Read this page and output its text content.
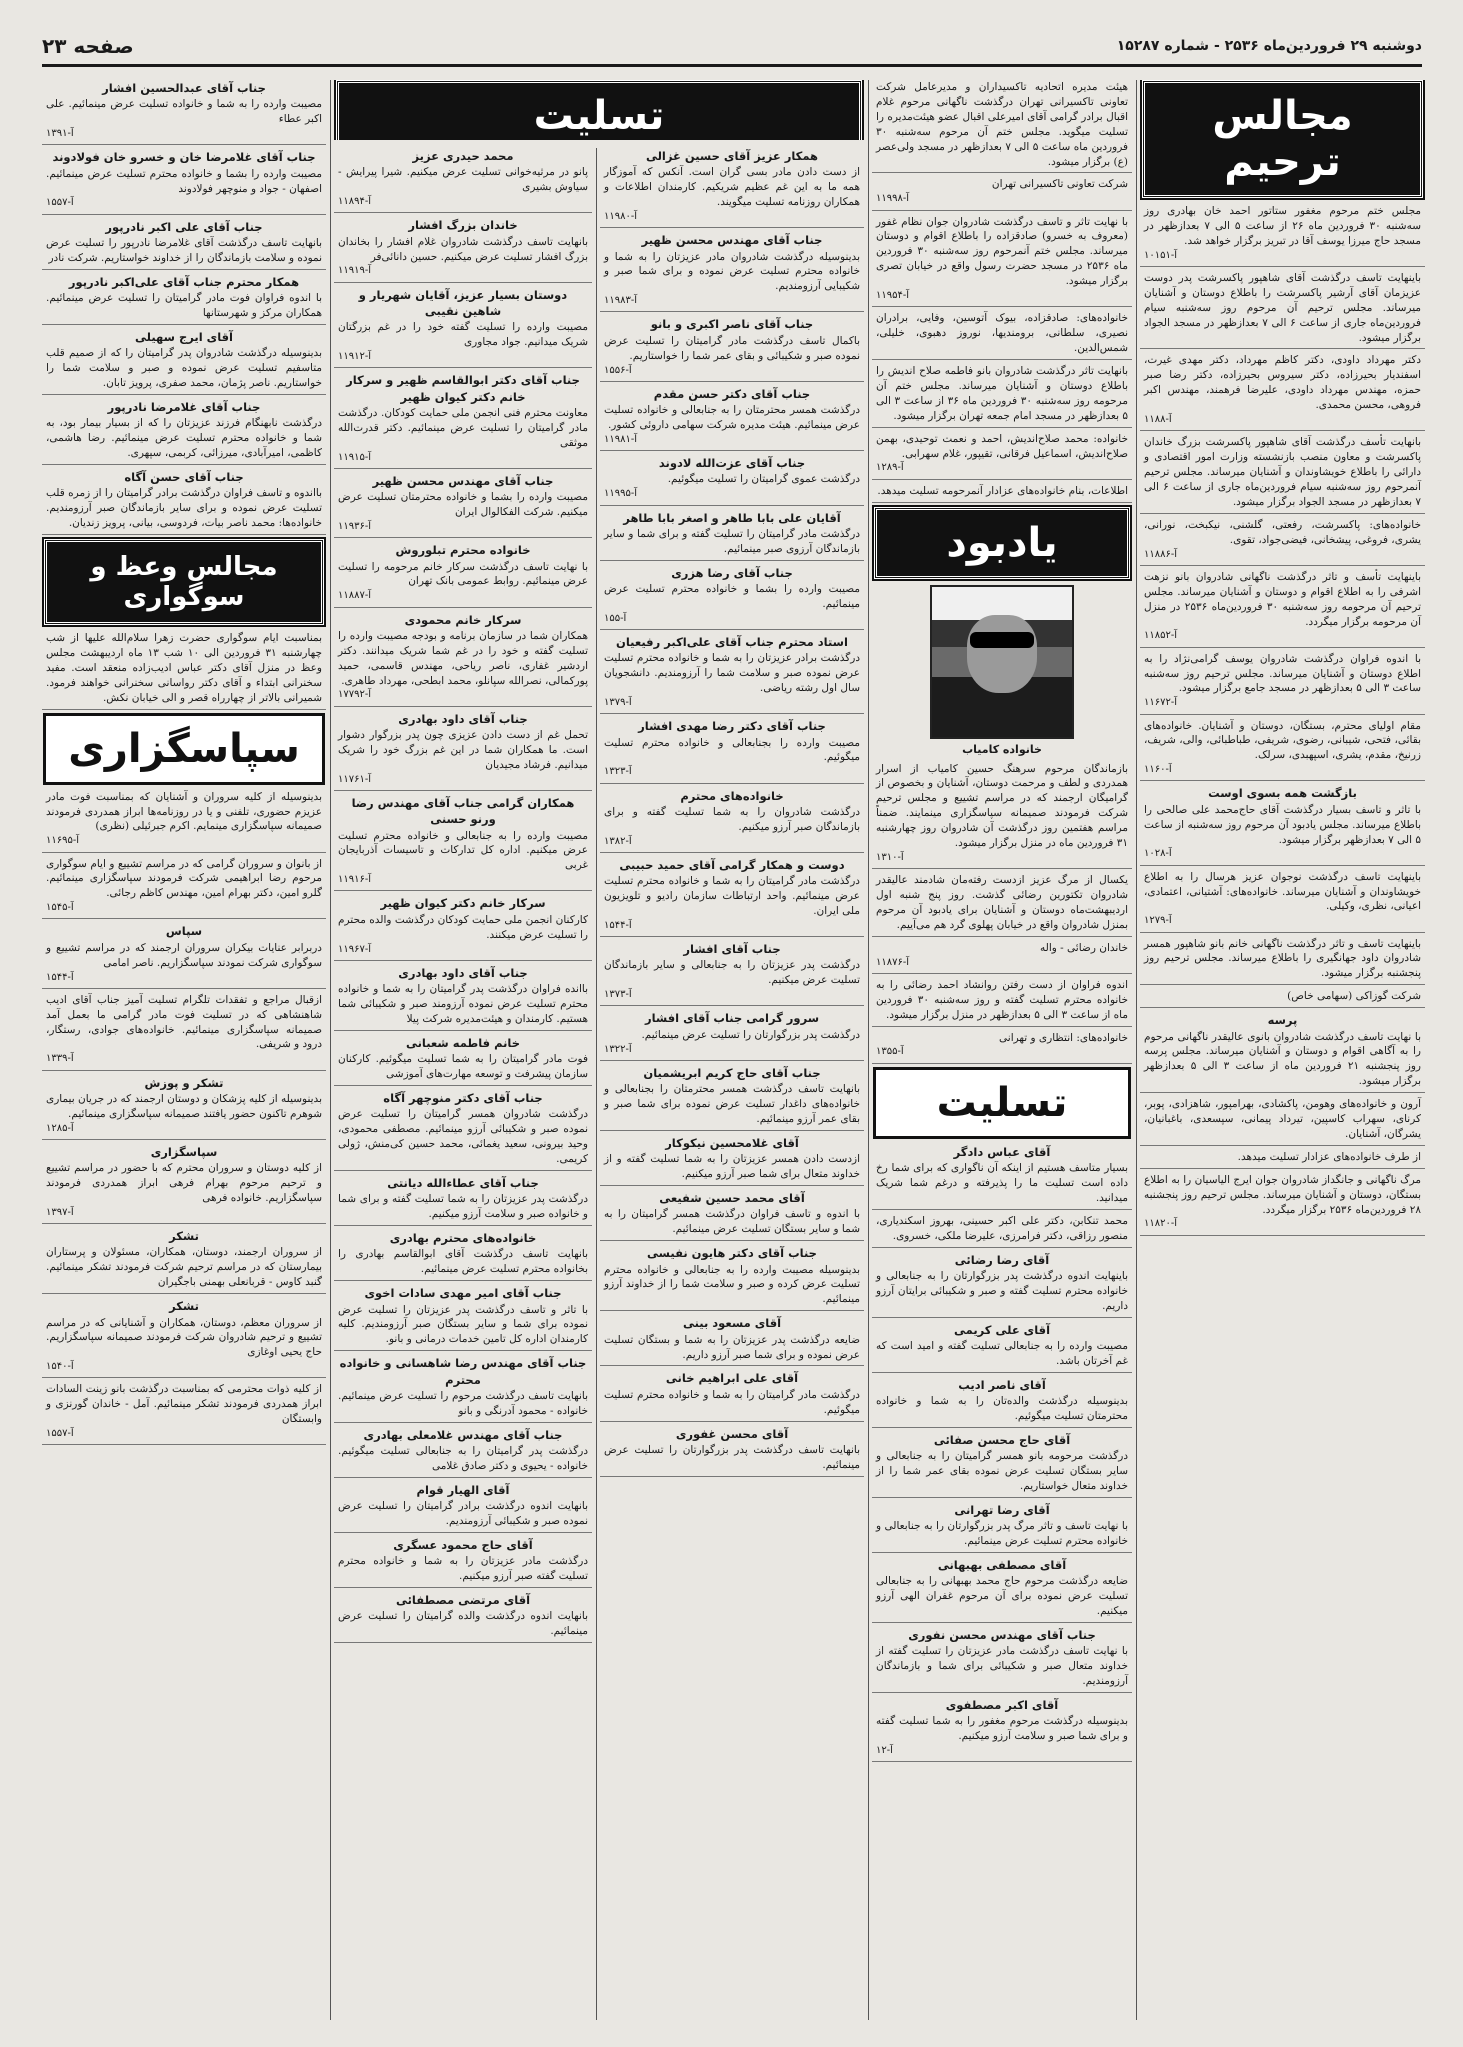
دوشنبه ۲۹ فروردین‌ماه ۲۵۳۶ - شماره ۱۵۲۸۷
صفحه ۲۳
مجالس ترحیم
مجلس ختم مرحوم مغفور ستاتور احمد خان بهادری روز سه‌شنبه ۳۰ فروردین ماه ۲۶ از ساعت ۵ الی ۷ بعدازظهر در مسجد حاج میرزا یوسف آقا در تبریز برگزار خواهد شد.
آ-۱۰۱۵۱
باینهایت تاسف درگذشت آقای شاهپور پاکسرشت پدر دوست عزیزمان آقای آرشیر پاکسرشت را باطلاع دوستان و آشنایان میرساند. مجلس ترحیم آن مرحوم روز سه‌شنبه سیام فروردین‌ماه جاری از ساعت ۶ الی ۷ بعدازظهر در مسجد الجواد برگزار میشود.
دکتر مهرداد داودی، دکتر کاظم مهرداد، دکتر مهدی غیرت، اسفندیار بحیرزاده، دکتر سیروس بحیرزاده، دکتر رضا صبر حمزه، مهندس مهرداد داودی، علیرضا فرهمند، مهندس اکبر فروهی، محسن محمدی.
آ-۱۱۸۸
بانهایت تأسف درگذشت آقای شاهپور پاکسرشت بزرگ خاندان پاکسرشت و معاون منصب بازنشسته وزارت امور اقتصادی و دارائی را باطلاع خویشاوندان و آشنایان میرساند. مجلس ترحیم آنمرحوم روز سه‌شنبه سیام فروردین‌ماه جاری از ساعت ۶ الی ۷ بعدازظهر در مسجد الجواد برگزار میشود.
خانواده‌های: پاکسرشت، رفعتی، گلشنی، نیکبخت، نورانی، یشری، فروغی، پیشخانی، فیضی‌جواد، تقوی.
آ-۱۱۸۸۶
باینهایت تأسف و تاثر درگذشت ناگهانی شادروان بانو نزهت اشرفی را به اطلاع اقوام و دوستان و آشنایان میرساند. مجلس ترحیم آن مرحومه روز سه‌شنبه ۳۰ فروردین‌ماه ۲۵۳۶ در منزل آن مرحومه برگزار میگردد.
آ-۱۱۸۵۲
با اندوه فراوان درگذشت شادروان یوسف گرامی‌نژاد را به اطلاع دوستان و آشنایان میرساند. مجلس ترحیم روز سه‌شنبه ساعت ۳ الی ۵ بعدازظهر در مسجد جامع برگزار میشود.
آ-۱۱۶۷۲
مقام اولیای محترم، بستگان، دوستان و آشنایان. خانواده‌های بقائی، فتحی، شیبانی، رضوی، شریفی، طباطبائی، والی، شریف، زرنیخ، مقدم، یشری، اسپهبدی، سرلک.
آ-۱۱۶۰
بازگشت همه بسوی اوست
با تاثر و تاسف بسیار درگذشت آقای حاج‌محمد علی صالحی را باطلاع میرساند. مجلس یادبود آن مرحوم روز سه‌شنبه از ساعت ۵ الی ۷ بعدازظهر برگزار میشود.
آ-۱۰۲۸
باینهایت تاسف درگذشت نوجوان عزیز هرسال را به اطلاع خویشاوندان و آشنایان میرساند. خانواده‌های: آشتیانی، اعتمادی، اعیانی، نظری، وکیلی.
آ-۱۲۷۹
باینهایت تاسف و تاثر درگذشت ناگهانی خانم بانو شاهپور همسر شادروان داود جهانگیری را باطلاع میرساند. مجلس ترحیم روز پنجشنبه برگزار میشود.
شرکت گوزاکی (سهامی خاص)
پرسه
با نهایت تاسف درگذشت شادروان بانوی عالیقدر ناگهانی مرحوم را به آگاهی اقوام و دوستان و آشنایان میرساند. مجلس پرسه روز پنجشنبه ۲۱ فروردین ماه از ساعت ۳ الی ۵ بعدازظهر برگزار میشود.
آرون و خانواده‌های وهومن، پاکشادی، بهرامپور، شاهزادی، پوبر، کرنای، سهراب کاسپین، تیرداد پیمانی، سپسعدی، باغبانیان، یشرگان، آشنایان.
از طرف خانواده‌های عزادار تسلیت میدهد.
مرگ ناگهانی و جانگداز شادروان جوان ایرج الیاسیان را به اطلاع بستگان، دوستان و آشنایان میرساند. مجلس ترحیم روز پنجشنبه ۲۸ فروردین‌ماه ۲۵۳۶ برگزار میگردد.
آ-۱۱۸۲۰
هیئت مدیره اتحادیه تاکسیداران و مدیرعامل شرکت تعاونی تاکسیرانی تهران درگذشت ناگهانی مرحوم غلام اقبال برادر گرامی آقای امیرعلی اقبال عضو هیئت‌مدیره را تسلیت میگوید. مجلس ختم آن مرحوم سه‌شنبه ۳۰ فروردین ماه ساعت ۵ الی ۷ بعدازظهر در مسجد ولی‌عصر (ع) برگزار میشود.
شرکت تعاونی تاکسیرانی تهران
آ-۱۱۹۹۸
با نهایت تاثر و تاسف درگذشت شادروان جوان نظام غفور (معروف به خسرو) صادقزاده را باطلاع اقوام و دوستان میرساند. مجلس ختم آنمرحوم روز سه‌شنبه ۳۰ فروردین ماه ۲۵۳۶ در مسجد حضرت رسول واقع در خیابان تصری برگزار میشود.
آ-۱۱۹۵۴
خانواده‌های: صادقزاده، بیوک آتوسین، وفایی، برادران نصیری، سلطانی، برومندیها، نوروز دهبوی، خلیلی، شمس‌الدین.
بانهایت تاثر درگذشت شادروان بانو فاطمه صلاح اندیش را باطلاع دوستان و آشنایان میرساند. مجلس ختم آن مرحومه روز سه‌شنبه ۳۰ فروردین ماه ۳۶ از ساعت ۳ الی ۵ بعدازظهر در مسجد امام جمعه تهران برگزار میشود.
خانواده: محمد صلاح‌اندیش، احمد و نعمت توحیدی، بهمن صلاح‌اندیش، اسماعیل فرقانی، تقیپور، غلام سهرابی.
آ-۱۲۸۹
اطلاعات، بنام خانواده‌های عزادار آنمرحومه تسلیت میدهد.
یادبود
خانواده کامیاب
بازماندگان مرحوم سرهنگ حسین کامیاب از اسرار همدردی و لطف و مرحمت دوستان، آشنایان و بخصوص از گرامیگان ارجمند که در مراسم تشییع و مجلس ترحیم شرکت فرمودند صمیمانه سپاسگزاری مینمایند. ضمناً مراسم هفتمین روز درگذشت آن شادروان روز چهارشنبه ۳۱ فروردین ماه در منزل برگزار میشود.
آ-۱۳۱۰
یکسال از مرگ عزیز ازدست رفته‌مان شادمند عالیقدر شادروان تکتورین رضائی گذشت. روز پنج شنبه اول اردیبهشت‌ماه دوستان و آشنایان برای یادبود آن مرحوم بمنزل شادروان واقع در خیابان پهلوی گرد هم می‌آییم.
خاندان رضائی - واله
آ-۱۱۸۷۶
اندوه فراوان از دست رفتن روانشاد احمد رضائی را به خانواده محترم تسلیت گفته و روز سه‌شنبه ۳۰ فروردین ماه از ساعت ۳ الی ۵ بعدازظهر در منزل برگزار میشود.
خانواده‌های: انتظاری و تهرانی
آ-۱۳۵۵
تسلیت
آقای عباس دادگر
بسیار متاسف هستیم از اینکه آن ناگواری که برای شما رخ داده است تسلیت ما را پذیرفته و درغم شما شریک میدانید.
محمد تنکابن، دکتر علی اکبر حسینی، بهروز اسکندیاری، منصور رزاقی، دکتر فرامرزی، علیرضا ملکی، خسروی.
آقای رضا رضائی
باینهایت اندوه درگذشت پدر بزرگوارتان را به جنابعالی و خانواده محترم تسلیت گفته و صبر و شکیبائی برایتان آرزو داریم.
آقای علی کریمی
مصیبت وارده را به جنابعالی تسلیت گفته و امید است که غم آخرتان باشد.
آقای ناصر ادیب
بدینوسیله درگذشت والده‌تان را به شما و خانواده محترمتان تسلیت میگوئیم.
آقای حاج محسن صفائی
درگذشت مرحومه بانو همسر گرامیتان را به جنابعالی و سایر بستگان تسلیت عرض نموده بقای عمر شما را از خداوند متعال خواستاریم.
آقای رضا تهرانی
با نهایت تاسف و تاثر مرگ پدر بزرگوارتان را به جنابعالی و خانواده محترم تسلیت عرض مینمائیم.
آقای مصطفی بهبهانی
ضایعه درگذشت مرحوم حاج محمد بهبهانی را به جنابعالی تسلیت عرض نموده برای آن مرحوم غفران الهی آرزو میکنیم.
جناب آقای مهندس محسن نفوری
با نهایت تاسف درگذشت مادر عزیزتان را تسلیت گفته از خداوند متعال صبر و شکیبائی برای شما و بازماندگان آرزومندیم.
آقای اکبر مصطفوی
بدینوسیله درگذشت مرحوم مغفور را به شما تسلیت گفته و برای شما صبر و سلامت آرزو میکنیم.
آ-۱۲
تسلیت
همکار عزیز آقای حسین غزالی
از دست دادن مادر بسی گران است. آنکس که آموزگار همه ما به این غم عظیم شریکیم. کارمندان اطلاعات و همکاران روزنامه تسلیت میگویند.
آ-۱۱۹۸۰
جناب آقای مهندس محسن ظهیر
بدینوسیله درگذشت شادروان مادر عزیزتان را به شما و خانواده محترم تسلیت عرض نموده و برای شما صبر و شکیبایی آرزومندیم.
آ-۱۱۹۸۳
جناب آقای ناصر اکبری و بانو
باکمال تاسف درگذشت مادر گرامیتان را تسلیت عرض نموده صبر و شکیبائی و بقای عمر شما را خواستاریم.
آ-۱۵۵۶
جناب آقای دکتر حسن مقدم
درگذشت همسر محترمتان را به جنابعالی و خانواده تسلیت عرض مینمائیم. هیئت مدیره شرکت سهامی داروئی کشور.
آ-۱۱۹۸۱
جناب آقای عزت‌الله لادوند
درگذشت عموی گرامیتان را تسلیت میگوئیم.
آ-۱۱۹۹۵
آقایان علی بابا طاهر و اصغر بابا طاهر
درگذشت مادر گرامیتان را تسلیت گفته و برای شما و سایر بازماندگان آرزوی صبر مینمائیم.
جناب آقای رضا هزری
مصیبت وارده را بشما و خانواده محترم تسلیت عرض مینمائیم.
آ-۱۵۵
استاد محترم جناب آقای علی‌اکبر رفیعیان
درگذشت برادر عزیزتان را به شما و خانواده محترم تسلیت عرض نموده صبر و سلامت شما را آرزومندیم. دانشجویان سال اول رشته ریاضی.
آ-۱۳۷۹
جناب آقای دکتر رضا مهدی افشار
مصیبت وارده را بجنابعالی و خانواده محترم تسلیت میگوئیم.
آ-۱۳۲۳
خانواده‌های محترم
درگذشت شادروان را به شما تسلیت گفته و برای بازماندگان صبر آرزو میکنیم.
آ-۱۳۸۲
دوست و همکار گرامی آقای حمید حبیبی
درگذشت مادر گرامیتان را به شما و خانواده محترم تسلیت عرض مینمائیم. واحد ارتباطات سازمان رادیو و تلویزیون ملی ایران.
آ-۱۵۴۴
جناب آقای افشار
درگذشت پدر عزیزتان را به جنابعالی و سایر بازماندگان تسلیت عرض میکنیم.
آ-۱۳۷۳
سرور گرامی جناب آقای افشار
درگذشت پدر بزرگوارتان را تسلیت عرض مینمائیم.
آ-۱۳۲۲
جناب آقای حاج کریم ابریشمیان
بانهایت تاسف درگذشت همسر محترمتان را بجنابعالی و خانواده‌های داغدار تسلیت عرض نموده برای شما صبر و بقای عمر آرزو مینمائیم.
آقای غلامحسین نیکوکار
ازدست دادن همسر عزیزتان را به شما تسلیت گفته و از خداوند متعال برای شما صبر آرزو میکنیم.
آقای محمد حسین شفیعی
با اندوه و تاسف فراوان درگذشت همسر گرامیتان را به شما و سایر بستگان تسلیت عرض مینمائیم.
جناب آقای دکتر هایون نفیسی
بدینوسیله مصیبت وارده را به جنابعالی و خانواده محترم تسلیت عرض کرده و صبر و سلامت شما را از خداوند آرزو مینمائیم.
آقای مسعود بینی
ضایعه درگذشت پدر عزیزتان را به شما و بستگان تسلیت عرض نموده و برای شما صبر آرزو داریم.
آقای علی ابراهیم خانی
درگذشت مادر گرامیتان را به شما و خانواده محترم تسلیت میگوئیم.
آقای محسن غفوری
بانهایت تاسف درگذشت پدر بزرگوارتان را تسلیت عرض مینمائیم.
محمد حیدری عزیز
پانو در مرثیه‌خوانی تسلیت عرض میکنیم. شیرا پیرایش - سیاوش بشیری
آ-۱۱۸۹۴
خاندان بزرگ افشار
بانهایت تاسف درگذشت شادروان غلام افشار را بخاندان بزرگ افشار تسلیت عرض میکنیم. حسین دانائی‌فر
آ-۱۱۹۱۹
دوستان بسیار عزیز، آقایان شهریار و شاهین نقیبی
مصیبت وارده را تسلیت گفته خود را در غم بزرگتان شریک میدانیم. جواد مجاوری
آ-۱۱۹۱۲
جناب آقای دکتر ابوالقاسم ظهیر و سرکار خانم دکتر کیوان ظهیر
معاونت محترم فنی انجمن ملی حمایت کودکان. درگذشت مادر گرامیتان را تسلیت عرض مینمائیم. دکتر قدرت‌الله موثقی
آ-۱۱۹۱۵
جناب آقای مهندس محسن ظهیر
مصیبت وارده را بشما و خانواده محترمتان تسلیت عرض میکنیم. شرکت الفکالوال ایران
آ-۱۱۹۳۶
خانواده محترم تبلوروش
با نهایت تاسف درگذشت سرکار خانم مرحومه را تسلیت عرض مینمائیم. روابط عمومی بانک تهران
آ-۱۱۸۸۷
سرکار خانم محمودی
همکاران شما در سازمان برنامه و بودجه مصیبت وارده را تسلیت گفته و خود را در غم شما شریک میدانند. دکتر اردشیر غفاری، ناصر ریاحی، مهندس قاسمی، حمید پورکمالی، نصرالله سپانلو، محمد ابطحی، مهرداد طاهری.
آ-۱۷۷۹۲
جناب آقای داود بهادری
تحمل غم از دست دادن عزیزی چون پدر بزرگوار دشوار است. ما همکاران شما در این غم بزرگ خود را شریک میدانیم. فرشاد مجیدیان
آ-۱۱۷۶۱
همکاران گرامی جناب آقای مهندس رضا ورنو حسنی
مصیبت وارده را به جنابعالی و خانواده محترم تسلیت عرض میکنیم. اداره کل تدارکات و تاسیسات آذربایجان غربی
آ-۱۱۹۱۶
سرکار خانم دکتر کیوان ظهیر
کارکنان انجمن ملی حمایت کودکان درگذشت والده محترم را تسلیت عرض میکنند.
آ-۱۱۹۶۷
جناب آقای داود بهادری
باانده فراوان درگذشت پدر گرامیتان را به شما و خانواده محترم تسلیت عرض نموده آرزومند صبر و شکیبائی شما هستیم. کارمندان و هیئت‌مدیره شرکت پیلا
خانم فاطمه شعبانی
فوت مادر گرامیتان را به شما تسلیت میگوئیم. کارکنان سازمان پیشرفت و توسعه مهارت‌های آموزشی
جناب آقای دکتر منوچهر آگاه
درگذشت شادروان همسر گرامیتان را تسلیت عرض نموده صبر و شکیبائی آرزو مینمائیم. مصطفی محمودی، وحید بیرونی، سعید یغمائی، محمد حسین کی‌منش، ژولی کریمی.
جناب آقای عطاءالله دیانتی
درگذشت پدر عزیزتان را به شما تسلیت گفته و برای شما و خانواده صبر و سلامت آرزو میکنیم.
خانواده‌های محترم بهادری
بانهایت تاسف درگذشت آقای ابوالقاسم بهادری را بخانواده محترم تسلیت عرض مینمائیم.
جناب آقای امیر مهدی سادات اخوی
با تاثر و تاسف درگذشت پدر عزیزتان را تسلیت عرض نموده برای شما و سایر بستگان صبر آرزومندیم. کلیه کارمندان اداره کل تامین خدمات درمانی و بانو.
جناب آقای مهندس رضا شاهسانی و خانواده محترم
بانهایت تاسف درگذشت مرحوم را تسلیت عرض مینمائیم. خانواده - محمود آدرنگی و بانو
جناب آقای مهندس غلامعلی بهادری
درگذشت پدر گرامیتان را به جنابعالی تسلیت میگوئیم. خانواده - یحیوی و دکتر صادق غلامی
آقای الهیار قوام
بانهایت اندوه درگذشت برادر گرامیتان را تسلیت عرض نموده صبر و شکیبائی آرزومندیم.
آقای حاج محمود عسگری
درگذشت مادر عزیزتان را به شما و خانواده محترم تسلیت گفته صبر آرزو میکنیم.
آقای مرتضی مصطفائی
بانهایت اندوه درگذشت والده گرامیتان را تسلیت عرض مینمائیم.
جناب آقای عبدالحسین افشار
مصیبت وارده را به شما و خانواده تسلیت عرض مینمائیم. علی اکبر عطاء
آ-۱۳۹۱
جناب آقای غلامرضا خان و خسرو خان فولادوند
مصیبت وارده را بشما و خانواده محترم تسلیت عرض مینمائیم. اصفهان - جواد و منوچهر فولادوند
آ-۱۵۵۷
جناب آقای علی اکبر نادرپور
بانهایت تاسف درگذشت آقای غلامرضا نادرپور را تسلیت عرض نموده و سلامت بازماندگان را از خداوند خواستاریم. شرکت نادر
همکار محترم جناب آقای علی‌اکبر نادرپور
با اندوه فراوان فوت مادر گرامیتان را تسلیت عرض مینمائیم. همکاران مرکز و شهرستانها
آقای ایرج سهیلی
بدینوسیله درگذشت شادروان پدر گرامیتان را که از صمیم قلب متاسفیم تسلیت عرض نموده و صبر و سلامت شما را خواستاریم. ناصر پژمان، محمد صفری، پرویز تابان.
جناب آقای غلامرضا نادرپور
درگذشت نابهنگام فرزند عزیزتان را که از بسیار بیمار بود، به شما و خانواده محترم تسلیت عرض مینمائیم. رضا هاشمی، کاظمی، امیرآبادی، میرزائی، کربمی، سپهری.
جناب آقای حسن آگاه
بااندوه و تاسف فراوان درگذشت برادر گرامیتان را از زمره قلب تسلیت عرض نموده و برای سایر بازماندگان صبر آرزومندیم. خانواده‌ها: محمد ناصر بیات، فردوسی، بیانی، پرویز زندیان.
مجالس وعظ و سوگواری
بمناسبت ایام سوگواری حضرت زهرا سلام‌الله علیها از شب چهارشنبه ۳۱ فروردین الی ۱۰ شب ۱۳ ماه اردیبهشت مجلس وعظ در منزل آقای دکتر عباس ادیب‌زاده منعقد است. مفید سخنرانی ابتداء و آقای دکتر رواسانی سخنرانی خواهند فرمود. شمیرانی بالاتر از چهارراه قصر و الی خیابان نکش.
سپاسگزاری
بدینوسیله از کلیه سروران و آشنایان که بمناسبت فوت مادر عزیزم حضوری، تلفنی و یا در روزنامه‌ها ابراز همدردی فرمودند صمیمانه سپاسگزاری مینمایم. اکرم جبرئیلی (نظری)
آ-۱۱۶۹۵
از بانوان و سروران گرامی که در مراسم تشییع و ایام سوگواری مرحوم رضا ابراهیمی شرکت فرمودند سپاسگزاری مینمائیم. گلرو امین، دکتر بهرام امین، مهندس کاظم رجائی.
آ-۱۵۴۵
سپاس
دربرابر عنایات بیکران سروران ارجمند که در مراسم تشییع و سوگواری شرکت نمودند سپاسگزاریم. ناصر امامی
آ-۱۵۴۴
ازقبال مراجع و تفقدات تلگرام تسلیت آمیز جناب آقای ادیب شاهنشاهی که در تسلیت فوت مادر گرامی ما بعمل آمد صمیمانه سپاسگزاری مینمائیم. خانواده‌های جوادی، رستگار، درود و شریفی.
آ-۱۳۳۹
تشکر و پوزش
بدینوسیله از کلیه پزشکان و دوستان ارجمند که در جریان بیماری شوهرم تاکنون حضور یافتند صمیمانه سپاسگزاری مینمائیم.
آ-۱۲۸۵
سپاسگزاری
از کلیه دوستان و سروران محترم که با حضور در مراسم تشییع و ترحیم مرحوم بهرام فرهی ابراز همدردی فرمودند سپاسگزاریم. خانواده فرهی
آ-۱۳۹۷
تشکر
از سروران ارجمند، دوستان، همکاران، مسئولان و پرستاران بیمارستان که در مراسم ترحیم شرکت فرمودند تشکر مینمائیم. گنبد کاوس - قربانعلی بهمنی باجگیران
تشکر
از سروران معظم، دوستان، همکاران و آشنایانی که در مراسم تشییع و ترحیم شادروان شرکت فرمودند صمیمانه سپاسگزاریم. حاج یحیی اوغازی
آ-۱۵۴۰
از کلیه ذوات محترمی که بمناسبت درگذشت بانو زینت السادات ابراز همدردی فرمودند تشکر مینمائیم. آمل - خاندان گورنزی و وابستگان
آ-۱۵۵۷
